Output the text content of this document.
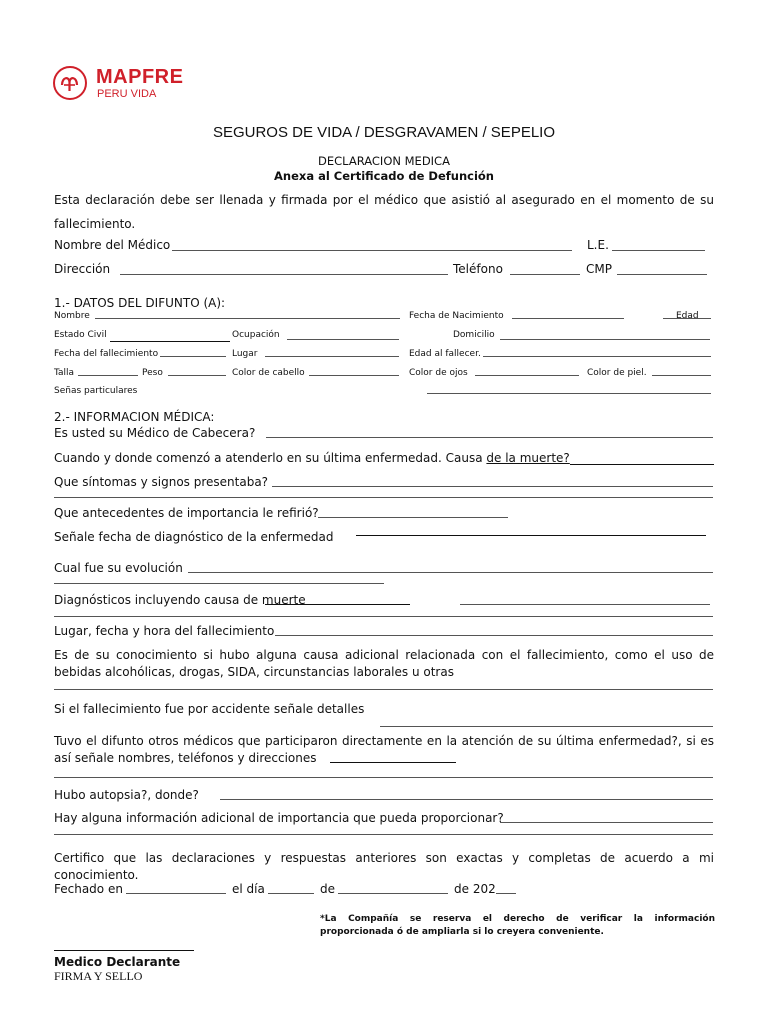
MAPFRE
PERU VIDA
SEGUROS DE VIDA / DESGRAVAMEN / SEPELIO
DECLARACION MEDICA
Anexa al Certificado de Defunción
Esta declaración debe ser llenada y firmada por el médico que asistió al asegurado en el momento de su fallecimiento.
Nombre del Médico	L.E.
Dirección	Teléfono	CMP
1.- DATOS DEL DIFUNTO (A):
Nombre	Fecha de Nacimiento	Edad
Estado Civil	Ocupación	Domicilio
Fecha del fallecimiento	Lugar	Edad al fallecer.
Talla	Peso	Color de cabello	Color de ojos	Color de piel.
Señas particulares
2.- INFORMACION MÉDICA:
Es usted su Médico de Cabecera?
Cuando y donde comenzó a atenderlo en su última enfermedad. Causa de la muerte?
Que síntomas y signos presentaba?
Que antecedentes de importancia le refirió?
Señale fecha de diagnóstico de la enfermedad
Cual fue su evolución
Diagnósticos incluyendo causa de muerte
Lugar, fecha y hora del fallecimiento
Es de su conocimiento si hubo alguna causa adicional relacionada con el fallecimiento, como el uso de bebidas alcohólicas, drogas, SIDA, circunstancias laborales u otras
Si el fallecimiento fue por accidente señale detalles
Tuvo el difunto otros médicos que participaron directamente en la atención de su última enfermedad?, si es así señale nombres, teléfonos y direcciones
Hubo autopsia?, donde?
Hay alguna información adicional de importancia que pueda proporcionar?
Certifico que las declaraciones y respuestas anteriores son exactas y completas de acuerdo a mi conocimiento.
Fechado en	el día	de	de 202
*La Compañía se reserva el derecho de verificar la información proporcionada ó de ampliarla si lo creyera conveniente.
Medico Declarante
FIRMA Y SELLO
